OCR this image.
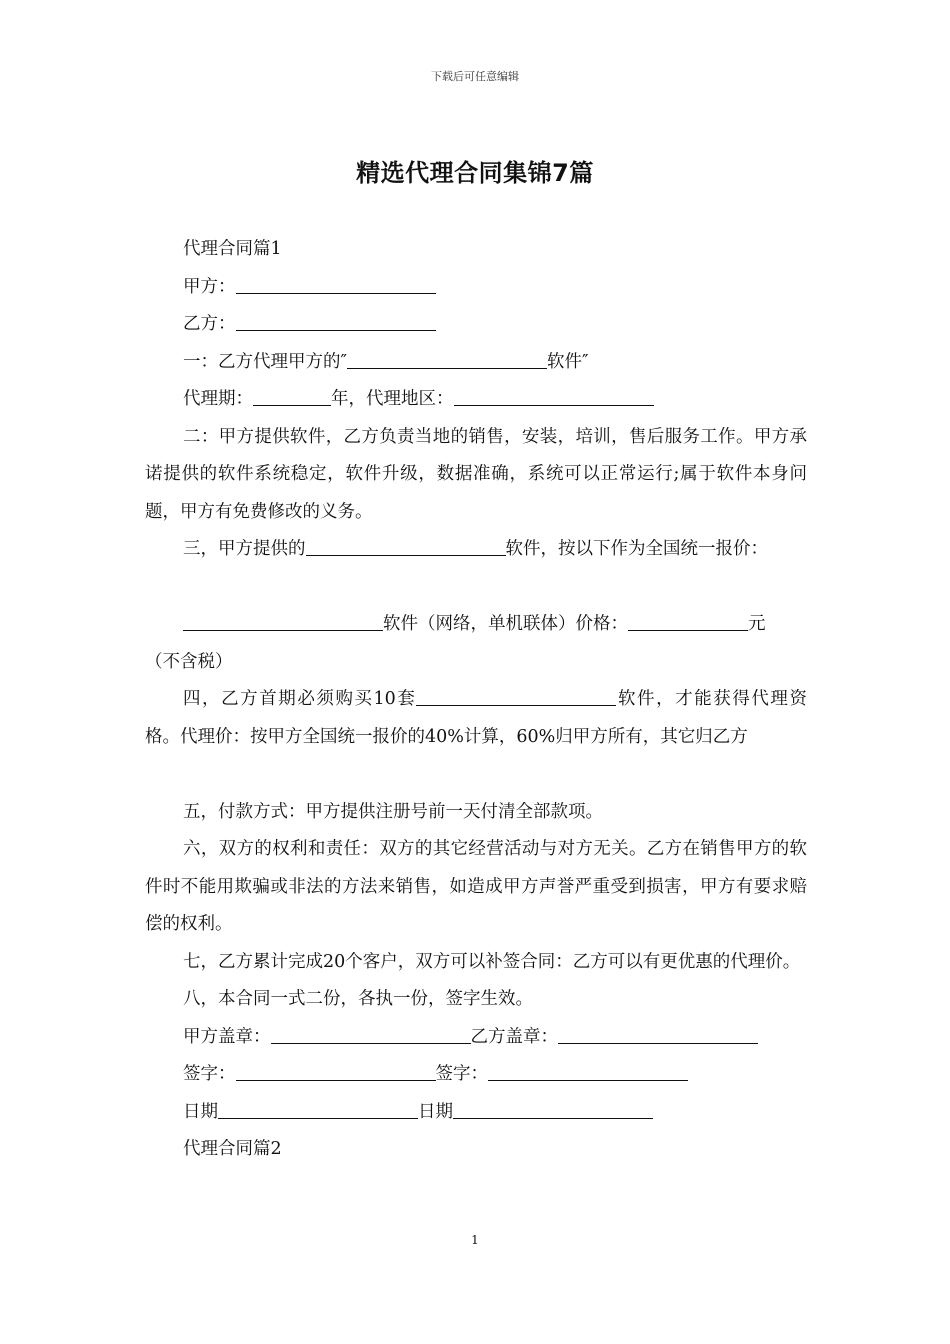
下载后可任意编辑
精选代理合同集锦7篇
代理合同篇1
甲方：
乙方：
一：乙方代理甲方的″	软件″
代理期：	年，代理地区：
二：甲方提供软件，乙方负责当地的销售，安装，培训，售后服务工作。甲方承诺提供的软件系统稳定，软件升级，数据准确，系统可以正常运行;属于软件本身问题，甲方有免费修改的义务。
三，甲方提供的	软件，按以下作为全国统一报价：
软件（网络，单机联体）价格：	元
（不含税）
四，乙方首期必须购买10套	软件，才能获得代理资格。代理价：按甲方全国统一报价的40%计算，60%归甲方所有，其它归乙方
五，付款方式：甲方提供注册号前一天付清全部款项。
六，双方的权利和责任：双方的其它经营活动与对方无关。乙方在销售甲方的软件时不能用欺骗或非法的方法来销售，如造成甲方声誉严重受到损害，甲方有要求赔偿的权利。
七，乙方累计完成20个客户，双方可以补签合同：乙方可以有更优惠的代理价。
八，本合同一式二份，各执一份，签字生效。
甲方盖章：	乙方盖章：
签字：	签字：
日期	日期
代理合同篇2
1
